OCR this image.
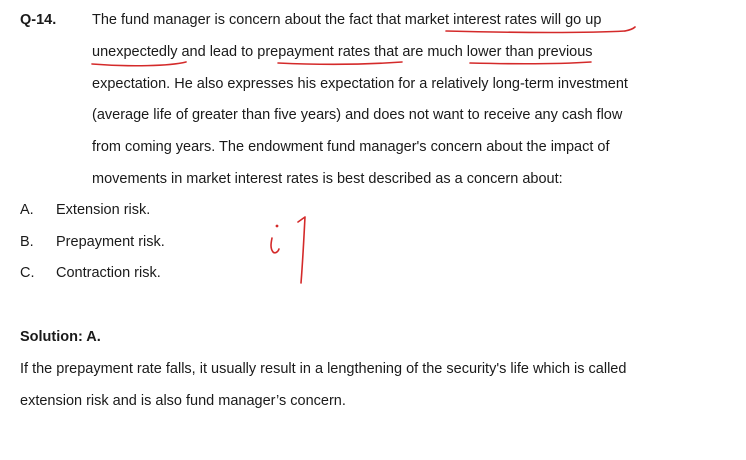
Q-14. The fund manager is concern about the fact that market interest rates will go up
unexpectedly and lead to prepayment rates that are much lower than previous
expectation. He also expresses his expectation for a relatively long-term investment
(average life of greater than five years) and does not want to receive any cash flow
from coming years. The endowment fund manager's concern about the impact of
movements in market interest rates is best described as a concern about:
A. Extension risk.
B. Prepayment risk.
C. Contraction risk.
Solution: A.
If the prepayment rate falls, it usually result in a lengthening of the security's life which is called
extension risk and is also fund manager’s concern.
